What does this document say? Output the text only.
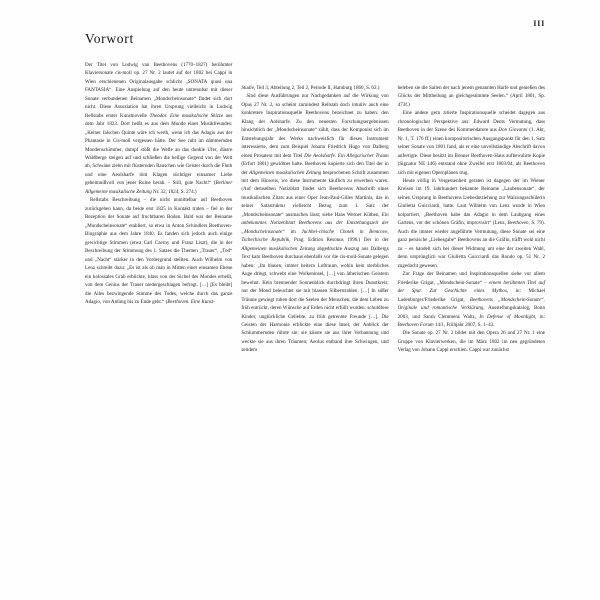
III
Vorwort

Der Titel von Ludwig van Beethovens (1770–1827) berühmter Klaviersonate cis-moll op. 27 Nr. 2 lautet auf der 1802 bei Cappi in Wien erschienenen Originalausgabe schlicht „SONATA quasi una FANTASIA“. Eine Anspielung auf den heute untrennbar mit dieser Sonate verbundenen Beinamen „Mondscheinsonate“ findet sich dort nicht. Diese Assoziation hat ihren Ursprung vielleicht in Ludwig Rellstabs erster Kunstnovelle Theodor. Eine musikalische Skizze aus dem Jahr 1823. Dort heißt es aus dem Munde eines Musikfreundes: „Keiner falschen Quinte wäre ich werth, wenn ich das Adagio aus der Phantasie in Cis-moll vergessen hätte. Der See ruht im dämmernden Mondenschimmer, dumpf stößt die Welle an das dunkle Ufer, düstre Waldberge steigen auf und schließen die heilige Gegend von der Welt ab, Schwäne ziehn mit flüsternden Rauschen wie Geister durch die Fluth und eine Aeolsharfe tönt Klagen süchtiger einsamer Liebe geheimnißvoll von jener Ruine herab. – Still, gute Nacht!“ (Berliner Allgemeine musikalische Zeitung Nr. 32, 1824, S. 274.)

Rellstabs Beschreibung – die nicht unmittelbar auf Beethoven zurückgehen kann, da beide erst 1825 in Kontakt traten – fiel in der Rezeption der Sonate auf fruchtbaren Boden. Bald war der Beiname „Mondscheinsonate“ etabliert, so etwa in Anton Schindlers Beethoven-Biographie aus dem Jahre 1840. Es fanden sich jedoch auch einige gewichtige Stimmen (etwa Carl Czerny und Franz Liszt), die in der Beschreibung der Stimmung des 1. Satzes die Themen „Trauer“, „Tod“ und „Nacht“ stärker in den Vordergrund stellten. Auch Wilhelm von Lenz schreibt dazu: „Es ist als ob man in Mitten einer einsamen Ebene ein kolossales Grab erblickte, blass von der Sichel des Mondes erhellt, von dem Genius der Trauer niedergeschlagen befragt. […] [Es bleibt] die Alles bezwingende Stimme des Todes, welche durch das ganze Adagio, von Anfang bis zu Ende geht.“ (Beethoven. Eine Kunst-

Studie, Teil 3, Abteilung 2, Teil 2, Periode II, Hamburg 1860, S. 62.)

Sind diese Ausführungen nur Nachgedanken auf die Wirkung von Opus 27 Nr. 2, so scheint zumindest Rellstab doch intuitiv auch eine konkretere Inspirationsquelle Beethovens bezeichnet zu haben: den Klang der Aolsharfe. Zu den neuesten Forschungsergebnissen hinsichtlich der „Mondscheinsonate“ zählt, dass der Komponist sich im Entstehungsjahr des Werks nachweislich für dieses Instrument interessierte, dem zum Beispiel Johann Friedrich Hugo von Dalberg einen Prosatext mit dem Titel Die Aeolsharfe. Ein Allegorischer Traum (Erfurt 1801) gewidmet hatte. Beethoven kopierte sich den Titel der in der Allgemeinen musikalischen Zeitung besprochenen Schrift zusammen mit dem Hinweis, wo diese Instrumente käuflich zu erwerben waren. (Auf demselben Notizblatt findet sich Beethovens Abschrift eines musikalischen Zitats aus einer Oper Jean-Paul-Gilles Martinis, das in seiner Satzstruktur vielleicht Bezug zum 1. Satz der „Mondscheinsonate“ ausmachen lässt; siehe Hans Werner Küthen, Ein unbekanntes Notizenblatt Beethovens aus der Entstehungszeit der „Mondscheinsonate“ im Juchhei-chische Chotek in Bemcove, Tschechische Republik, Prag: Edition Resonus 1996.) Der in der Allgemeinen musikalischen Zeitung abgedruckte Auszug aus Dalbergs Text kam Beethoven durchaus ebenfalls vor die cis-moll-Sonate gelegen haben: „Im blauen, immer heitern Luftraum, wohin kein sterbliches Auge dringt, schwebt eine Wolkeninsel, […] von ätherischen Geistern bewohnt. Kein brennender Sonnenblick durchdringt ihren Dunstkreis; nur der Mond beleuchtet sie mit blassen Silberstrahlen. […] In süßer Träume gewiegt ruhen dort die Seelen der Menschen, die dem Leben zu früh entrückt, deren Wünsche auf Erden nicht erfüllt wurden: schuldlose Kinder, unglückliche Geliebte, zu früh getrennte Freunde […]. Die Geisten der Harmonie erblickte eine diese Insel, der Anblick der Schlummernden rührte sie; sie küsste sie aus ihrer Verbannung und weckte sie aus ihren Träumen; Aeolus entband ihre Schwingen, und seitdem

beleben sie die Saiten der nach jenem genannten Harfe und genießen des Glücks der Mittheilung an gleichgestimmte Seelen.“ (April 1801, Sp. 473f.)

Eine andere gern zitierte Inspirationsquelle scheidet dagegen aus chronologischer Perspektive aus: Edward Dents Vermutung, dass Beethoven in der Szene des Kommendatore aus Don Giovanni (1. Akt, Nr. 1, T. 176 ff.) einen kompositorischen Ausgangspunkt für den 1. Satz seiner Sonate von 1801 fand, als er eine unvollständige Abschrift davon anfertigte. Diese besitzt im Bonner Beethoven-Haus aufbewahrte Kopie (Signatur NE 146) entstand ohne Zweifel erst 1803/04, als Beethoven sich mit eigenen Opernplänen trug.

Heute völlig in Vergessenheit geraten ist dagegen der im Wiener Kreisen im 19. Jahrhundert bekannte Beiname „Laubensonate“, der seinen Ursprung in Beethovens Liebesbeziehung zur Walzungsschülerin Giulietta Guicciardi, hatte. Laut Wilhelm von Lenz wurde in Wien kolportiert, „Beethoven habe das Adagio in dem Laubgang eines Gartens, vor der schönen Gräfin, improvisirt“ (Lenz, Beethoven, S. 79). Auch die immer wieder angeführte Vermutung, diese Sonate sei eine ganz persische „Liebesgabe“ Beethovens an die Gräfin, träfft wohl nicht zu – es handelt sich bei dieser Widmung um eine der zweiten Wahl, denn ursprünglich war Giulietta Guicciardi das Rondo op. 51 Nr. 2 zugedacht gewesen.

Zur Frage der Beinamen und Inspirationsquellen siehe vor allem Friederike Grigat, „Mondschein-Sonate“ – einem berühmten Titel auf der Spur. Zur Geschichte eines Mythos, in: Michael Ladenburger/Friederike Grigat, Beethovens „Mondschein-Sonate“. Originale und romantische Verklärung, Ausstellungskatalog, Bonn 2003, und Sarah Clemmens Waltz, In Defense of Moonlight, in: Beethoven Forum 14/1, Frühjahr 2007, S. 1–43.

Die Sonate op. 27 Nr. 2 bildet mit den Opera 26 und 27 Nr. 1 eine Gruppe von Klavierwerken, die im März 1802 im neu gegründeten Verlag von Johann Cappi erschien. Cappi war zunächst
